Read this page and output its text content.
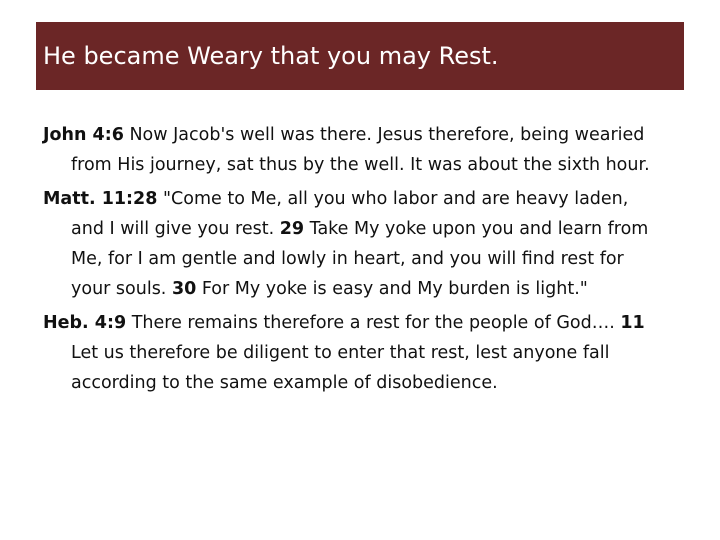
He became Weary that you may Rest.

John 4:6 Now Jacob's well was there. Jesus therefore, being wearied from His journey, sat thus by the well. It was about the sixth hour.

Matt. 11:28 "Come to Me, all you who labor and are heavy laden, and I will give you rest. 29 Take My yoke upon you and learn from Me, for I am gentle and lowly in heart, and you will find rest for your souls. 30 For My yoke is easy and My burden is light."

Heb. 4:9 There remains therefore a rest for the people of God…. 11 Let us therefore be diligent to enter that rest, lest anyone fall according to the same example of disobedience.
